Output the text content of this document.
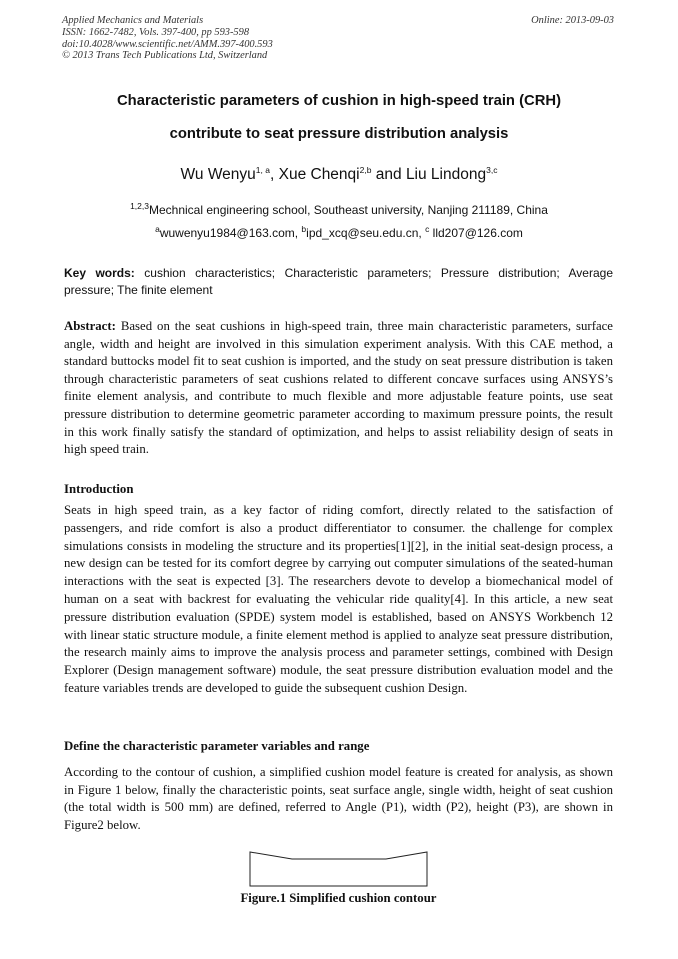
Applied Mechanics and Materials
ISSN: 1662-7482, Vols. 397-400, pp 593-598
doi:10.4028/www.scientific.net/AMM.397-400.593
© 2013 Trans Tech Publications Ltd, Switzerland
Online: 2013-09-03
Characteristic parameters of cushion in high-speed train (CRH)
contribute to seat pressure distribution analysis
Wu Wenyu$^{1, a}$, Xue Chenqi$^{2,b}$ and Liu Lindong$^{3,c}$
$^{1,2,3}$Mechnical engineering school, Southeast university, Nanjing 211189, China
$^a$wuwenyu1984@163.com, $^b$ipd_xcq@seu.edu.cn, $^c$ lld207@126.com
Key words: cushion characteristics; Characteristic parameters; Pressure distribution; Average pressure; The finite element
Abstract: Based on the seat cushions in high-speed train, three main characteristic parameters, surface angle, width and height are involved in this simulation experiment analysis. With this CAE method, a standard buttocks model fit to seat cushion is imported, and the study on seat pressure distribution is taken through characteristic parameters of seat cushions related to different concave surfaces using ANSYS’s finite element analysis, and contribute to much flexible and more adjustable feature points, use seat pressure distribution to determine geometric parameter according to maximum pressure points, the result in this work finally satisfy the standard of optimization, and helps to assist reliability design of seats in high speed train.
Introduction
Seats in high speed train, as a key factor of riding comfort, directly related to the satisfaction of passengers, and ride comfort is also a product differentiator to consumer. the challenge for complex simulations consists in modeling the structure and its properties[1][2], in the initial seat-design process, a new design can be tested for its comfort degree by carrying out computer simulations of the seated-human interactions with the seat is expected [3]. The researchers devote to develop a biomechanical model of human on a seat with backrest for evaluating the vehicular ride quality[4]. In this article, a new seat pressure distribution evaluation (SPDE) system model is established, based on ANSYS Workbench 12 with linear static structure module, a finite element method is applied to analyze seat pressure distribution, the research mainly aims to improve the analysis process and parameter settings, combined with Design Explorer (Design management software) module, the seat pressure distribution evaluation model and the feature variables trends are developed to guide the subsequent cushion Design.
Define the characteristic parameter variables and range
According to the contour of cushion, a simplified cushion model feature is created for analysis, as shown in Figure 1 below, finally the characteristic points, seat surface angle, single width, height of seat cushion (the total width is 500 mm) are defined, referred to Angle (P1), width (P2), height (P3), are shown in Figure2 below.
Figure.1 Simplified cushion contour
